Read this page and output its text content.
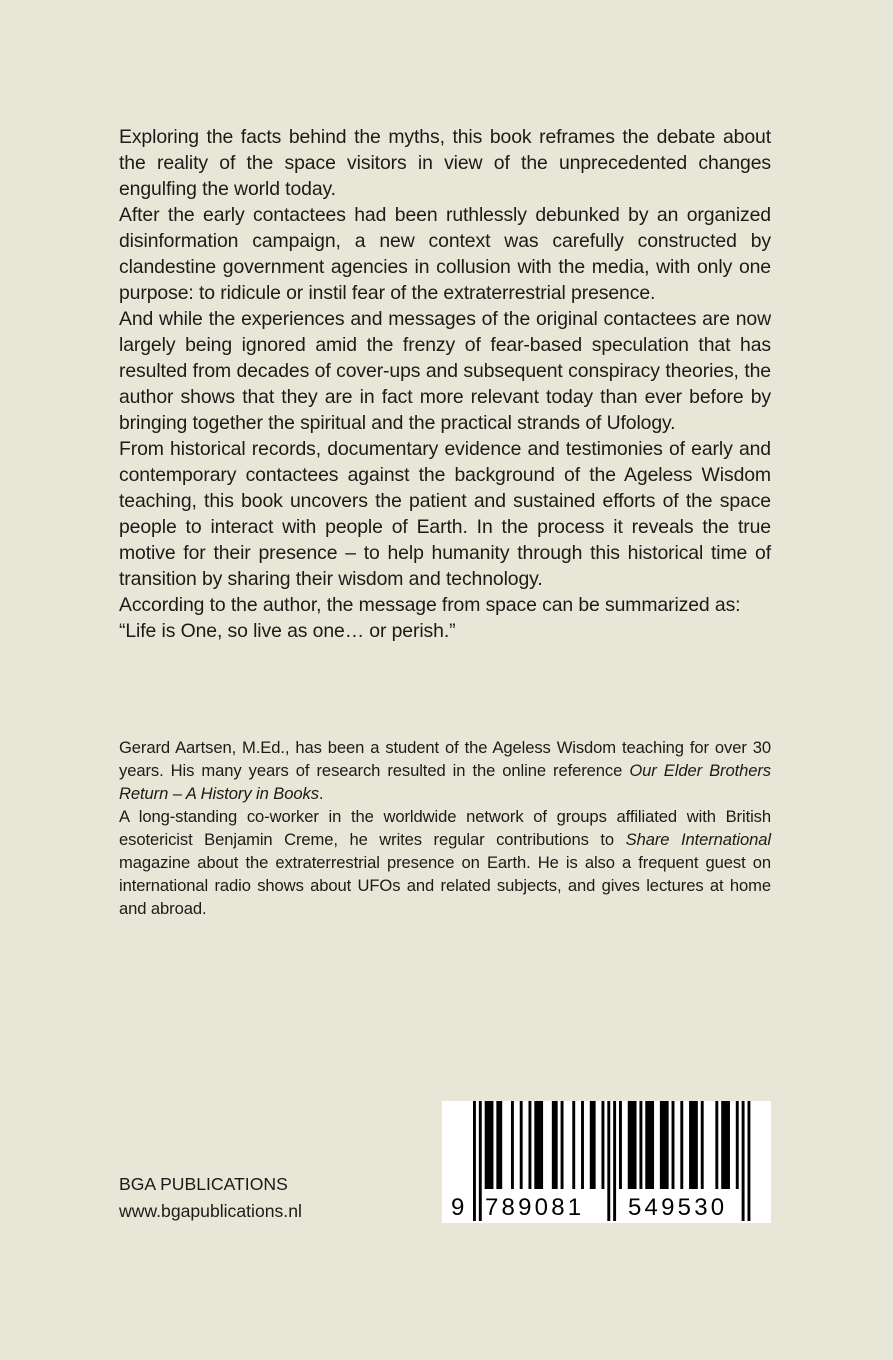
Exploring the facts behind the myths, this book reframes the debate about the reality of the space visitors in view of the unprecedented changes engulfing the world today.

After the early contactees had been ruthlessly debunked by an organized disinformation campaign, a new context was carefully constructed by clandestine government agencies in collusion with the media, with only one purpose: to ridicule or instil fear of the extraterrestrial presence.

And while the experiences and messages of the original contactees are now largely being ignored amid the frenzy of fear-based speculation that has resulted from decades of cover-ups and subsequent conspiracy theories, the author shows that they are in fact more relevant today than ever before by bringing together the spiritual and the practical strands of Ufology.

From historical records, documentary evidence and testimonies of early and contemporary contactees against the background of the Ageless Wisdom teaching, this book uncovers the patient and sustained efforts of the space people to interact with people of Earth. In the process it reveals the true motive for their presence – to help humanity through this historical time of transition by sharing their wisdom and technology.

According to the author, the message from space can be summarized as:

“Life is One, so live as one… or perish.”

Gerard Aartsen, M.Ed., has been a student of the Ageless Wisdom teaching for over 30 years. His many years of research resulted in the online reference Our Elder Brothers Return – A History in Books.

A long-standing co-worker in the worldwide network of groups affiliated with British esotericist Benjamin Creme, he writes regular contributions to Share International magazine about the extraterrestrial presence on Earth. He is also a frequent guest on international radio shows about UFOs and related subjects, and gives lectures at home and abroad.

BGA PUBLICATIONS
www.bgapublications.nl	9 789081 549530
